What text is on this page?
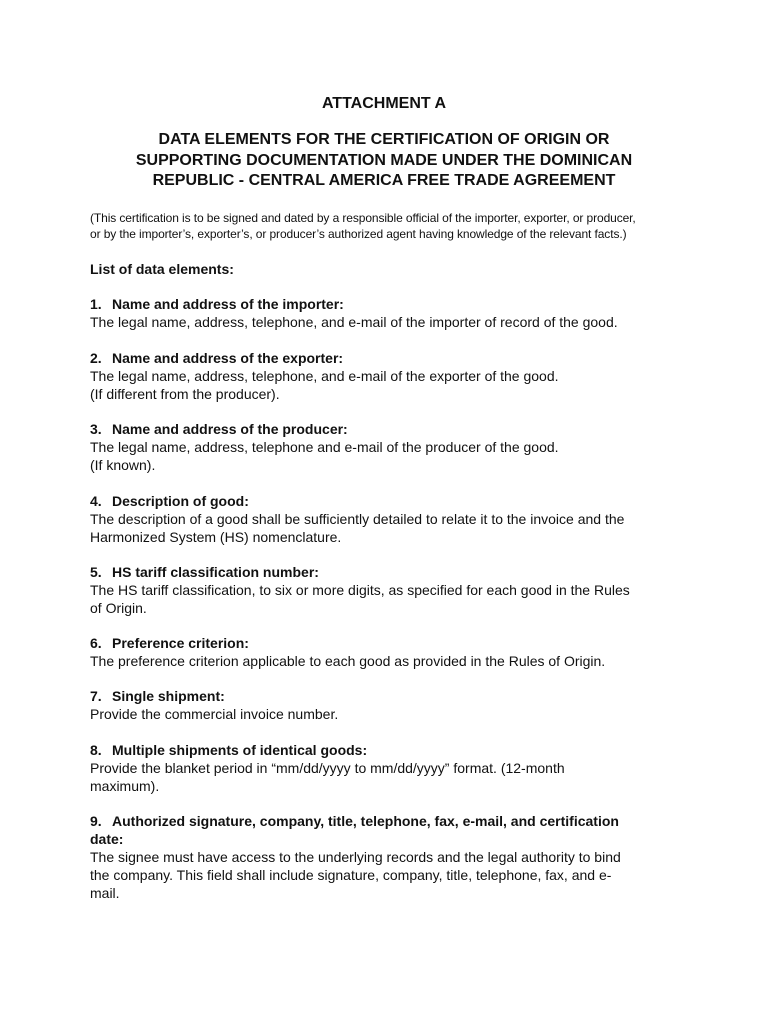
ATTACHMENT A
DATA ELEMENTS FOR THE CERTIFICATION OF ORIGIN OR
SUPPORTING DOCUMENTATION MADE UNDER THE DOMINICAN
REPUBLIC - CENTRAL AMERICA FREE TRADE AGREEMENT
(This certification is to be signed and dated by a responsible official of the importer, exporter, or producer,
or by the importer’s, exporter’s, or producer’s authorized agent having knowledge of the relevant facts.)
List of data elements:
1. Name and address of the importer:
The legal name, address, telephone, and e-mail of the importer of record of the good.
2. Name and address of the exporter:
The legal name, address, telephone, and e-mail of the exporter of the good.
(If different from the producer).
3. Name and address of the producer:
The legal name, address, telephone and e-mail of the producer of the good.
(If known).
4. Description of good:
The description of a good shall be sufficiently detailed to relate it to the invoice and the
Harmonized System (HS) nomenclature.
5. HS tariff classification number:
The HS tariff classification, to six or more digits, as specified for each good in the Rules
of Origin.
6. Preference criterion:
The preference criterion applicable to each good as provided in the Rules of Origin.
7. Single shipment:
Provide the commercial invoice number.
8. Multiple shipments of identical goods:
Provide the blanket period in “mm/dd/yyyy to mm/dd/yyyy” format. (12-month
maximum).
9. Authorized signature, company, title, telephone, fax, e-mail, and certification
date:
The signee must have access to the underlying records and the legal authority to bind
the company. This field shall include signature, company, title, telephone, fax, and e-
mail.
